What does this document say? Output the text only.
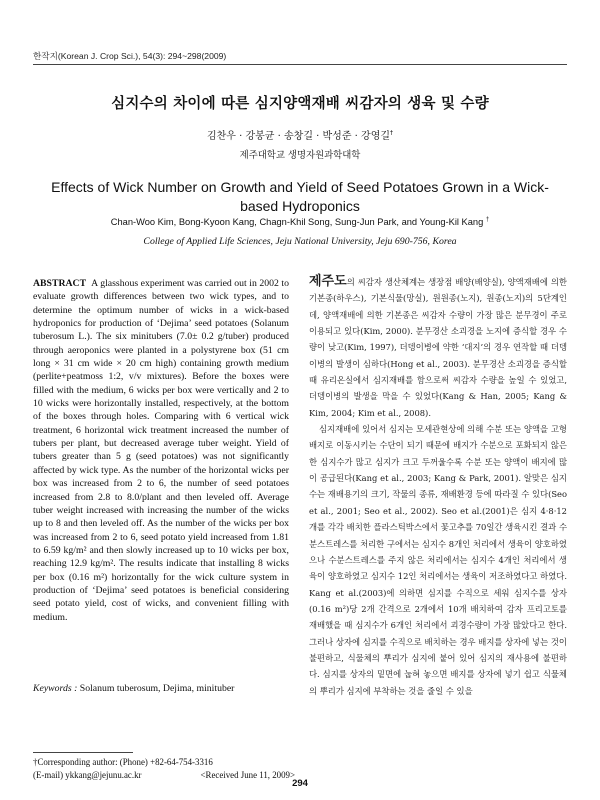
한작지(Korean J. Crop Sci.), 54(3): 294~298(2009)
심지수의 차이에 따른 심지양액재배 씨감자의 생육 및 수량
김찬우 · 강봉균 · 송창길 · 박성준 · 강영길†
제주대학교 생명자원과학대학
Effects of Wick Number on Growth and Yield of Seed Potatoes Grown in a Wick-based Hydroponics
Chan-Woo Kim, Bong-Kyoon Kang, Chagn-Khil Song, Sung-Jun Park, and Young-Kil Kang †
College of Applied Life Sciences, Jeju National University, Jeju 690-756, Korea
ABSTRACT A glasshous experiment was carried out in 2002 to evaluate growth differences between two wick types, and to determine the optimum number of wicks in a wick-based hydroponics for production of ‘Dejima’ seed potatoes (Solanum tuberosum L.). The six minitubers (7.0± 0.2 g/tuber) produced through aeroponics were planted in a polystyrene box (51 cm long × 31 cm wide × 20 cm high) containing growth medium (perlite+peatmoss 1:2, v/v mixtures). Before the boxes were filled with the medium, 6 wicks per box were vertically and 2 to 10 wicks were horizontally installed, respectively, at the bottom of the boxes through holes. Comparing with 6 vertical wick treatment, 6 horizontal wick treatment increased the number of tubers per plant, but decreased average tuber weight. Yield of tubers greater than 5 g (seed potatoes) was not significantly affected by wick type. As the number of the horizontal wicks per box was increased from 2 to 6, the number of seed potatoes increased from 2.8 to 8.0/plant and then leveled off. Average tuber weight increased with increasing the number of the wicks up to 8 and then leveled off. As the number of the wicks per box was increased from 2 to 6, seed potato yield increased from 1.81 to 6.59 kg/m² and then slowly increased up to 10 wicks per box, reaching 12.9 kg/m². The results indicate that installing 8 wicks per box (0.16 m²) horizontally for the wick culture system in production of ‘Dejima’ seed potatoes is beneficial considering seed potato yield, cost of wicks, and convenient filling with medium.
Keywords : Solanum tuberosum, Dejima, minituber
†Corresponding author: (Phone) +82-64-754-3316
(E-mail) ykkang@jejunu.ac.kr	<Received June 11, 2009>

제주도의 씨감자 생산체계는 생장점 배양(배양실), 양액재배에 의한 기본종(하우스), 기본식물(망실), 원원종(노지), 원종(노지)의 5단계인데, 양액재배에 의한 기본종은 씨감자 수량이 가장 많은 분무경이 주로 이용되고 있다(Kim, 2000). 분무경산 소괴경을 노지에 증식할 경우 수량이 낮고(Kim, 1997), 더뎅이병에 약한 ‘대지’의 경우 연작할 때 더뎅이병의 발생이 심하다(Hong et al., 2003). 분무경산 소괴경을 증식할 때 유리온실에서 심지재배를 함으로써 씨감자 수량을 높일 수 있었고, 더뎅이병의 발생을 막을 수 있었다(Kang & Han, 2005; Kang & Kim, 2004; Kim et al., 2008).

심지재배에 있어서 심지는 모세관현상에 의해 수분 또는 양액을 고형배지로 이동시키는 수단이 되기 때문에 배지가 수분으로 포화되지 않은 한 심지수가 많고 심지가 크고 두꺼울수록 수분 또는 양액이 배지에 많이 공급된다(Kang et al., 2003; Kang & Park, 2001). 알맞은 심지수는 재배용기의 크기, 작물의 종류, 재배환경 등에 따라질 수 있다(Seo et al., 2001; Seo et al., 2002). Seo et al.(2001)은 심지 4·8·12개를 각각 배치한 플라스틱박스에서 꽃고추를 70일간 생육시킨 결과 수분스트레스를 처리한 구에서는 심지수 8개인 처리에서 생육이 양호하였으나 수분스트레스를 주지 않은 처리에서는 심지수 4개인 처리에서 생육이 양호하였고 심지수 12인 처리에서는 생육이 저조하였다고 하였다. Kang et al.(2003)에 의하면 심지를 수직으로 세워 심지수를 상자(0.16 m²)당 2개 간격으로 2개에서 10개 배치하여 감자 프리고토를 재배했을 때 심지수가 6개인 처리에서 괴경수량이 가장 많았다고 한다. 그러나 상자에 심지를 수직으로 배치하는 경우 배지를 상자에 넣는 것이 불편하고, 식물체의 뿌리가 심지에 붙어 있어 심지의 재사용에 불편하다. 심지를 상자의 밑면에 눕혀 놓으면 배지를 상자에 넣기 쉽고 식물체의 뿌리가 심지에 부착하는 것을 줄일 수 있을

294
